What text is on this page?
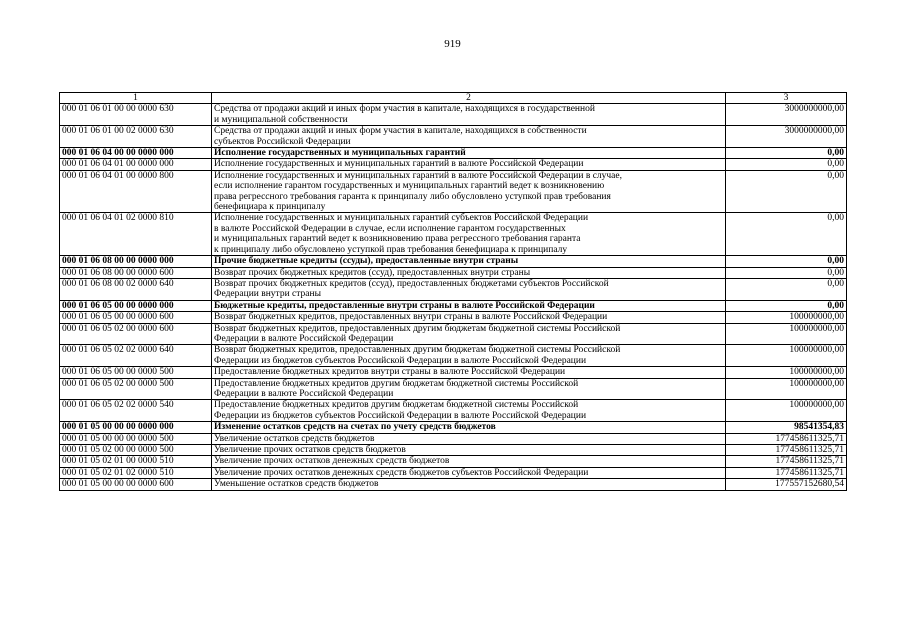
919
1	2	3
000 01 06 01 00 00 0000 630	Средства от продажи акций и иных форм участия в капитале, находящихся в государственной
и муниципальной собственности	3000000000,00
000 01 06 01 00 02 0000 630	Средства от продажи акций и иных форм участия в капитале, находящихся в собственности
субъектов Российской Федерации	3000000000,00
000 01 06 04 00 00 0000 000	Исполнение государственных и муниципальных гарантий	0,00
000 01 06 04 01 00 0000 000	Исполнение государственных и муниципальных гарантий в валюте Российской Федерации	0,00
000 01 06 04 01 00 0000 800	Исполнение государственных и муниципальных гарантий в валюте Российской Федерации в случае,
если исполнение гарантом государственных и муниципальных гарантий ведет к возникновению
права регрессного требования гаранта к принципалу либо обусловлено уступкой прав требования
бенефициара к принципалу	0,00
000 01 06 04 01 02 0000 810	Исполнение государственных и муниципальных гарантий субъектов Российской Федерации
в валюте Российской Федерации в случае, если исполнение гарантом государственных
и муниципальных гарантий ведет к возникновению права регрессного требования гаранта
к принципалу либо обусловлено уступкой прав требования бенефициара к принципалу	0,00
000 01 06 08 00 00 0000 000	Прочие бюджетные кредиты (ссуды), предоставленные внутри страны	0,00
000 01 06 08 00 00 0000 600	Возврат прочих бюджетных кредитов (ссуд), предоставленных внутри страны	0,00
000 01 06 08 00 02 0000 640	Возврат прочих бюджетных кредитов (ссуд), предоставленных бюджетами субъектов Российской
Федерации внутри страны	0,00
000 01 06 05 00 00 0000 000	Бюджетные кредиты, предоставленные внутри страны в валюте Российской Федерации	0,00
000 01 06 05 00 00 0000 600	Возврат бюджетных кредитов, предоставленных внутри страны в валюте Российской Федерации	100000000,00
000 01 06 05 02 00 0000 600	Возврат бюджетных кредитов, предоставленных другим бюджетам бюджетной системы Российской
Федерации в валюте Российской Федерации	100000000,00
000 01 06 05 02 02 0000 640	Возврат бюджетных кредитов, предоставленных другим бюджетам бюджетной системы Российской
Федерации из бюджетов субъектов Российской Федерации в валюте Российской Федерации	100000000,00
000 01 06 05 00 00 0000 500	Предоставление бюджетных кредитов внутри страны в валюте Российской Федерации	100000000,00
000 01 06 05 02 00 0000 500	Предоставление бюджетных кредитов другим бюджетам бюджетной системы Российской
Федерации в валюте Российской Федерации	100000000,00
000 01 06 05 02 02 0000 540	Предоставление бюджетных кредитов другим бюджетам бюджетной системы Российской
Федерации из бюджетов субъектов Российской Федерации в валюте Российской Федерации	100000000,00
000 01 05 00 00 00 0000 000	Изменение остатков средств на счетах по учету средств бюджетов	98541354,83
000 01 05 00 00 00 0000 500	Увеличение остатков средств бюджетов	177458611325,71
000 01 05 02 00 00 0000 500	Увеличение прочих остатков средств бюджетов	177458611325,71
000 01 05 02 01 00 0000 510	Увеличение прочих остатков денежных средств бюджетов	177458611325,71
000 01 05 02 01 02 0000 510	Увеличение прочих остатков денежных средств бюджетов субъектов Российской Федерации	177458611325,71
000 01 05 00 00 00 0000 600	Уменьшение остатков средств бюджетов	177557152680,54
